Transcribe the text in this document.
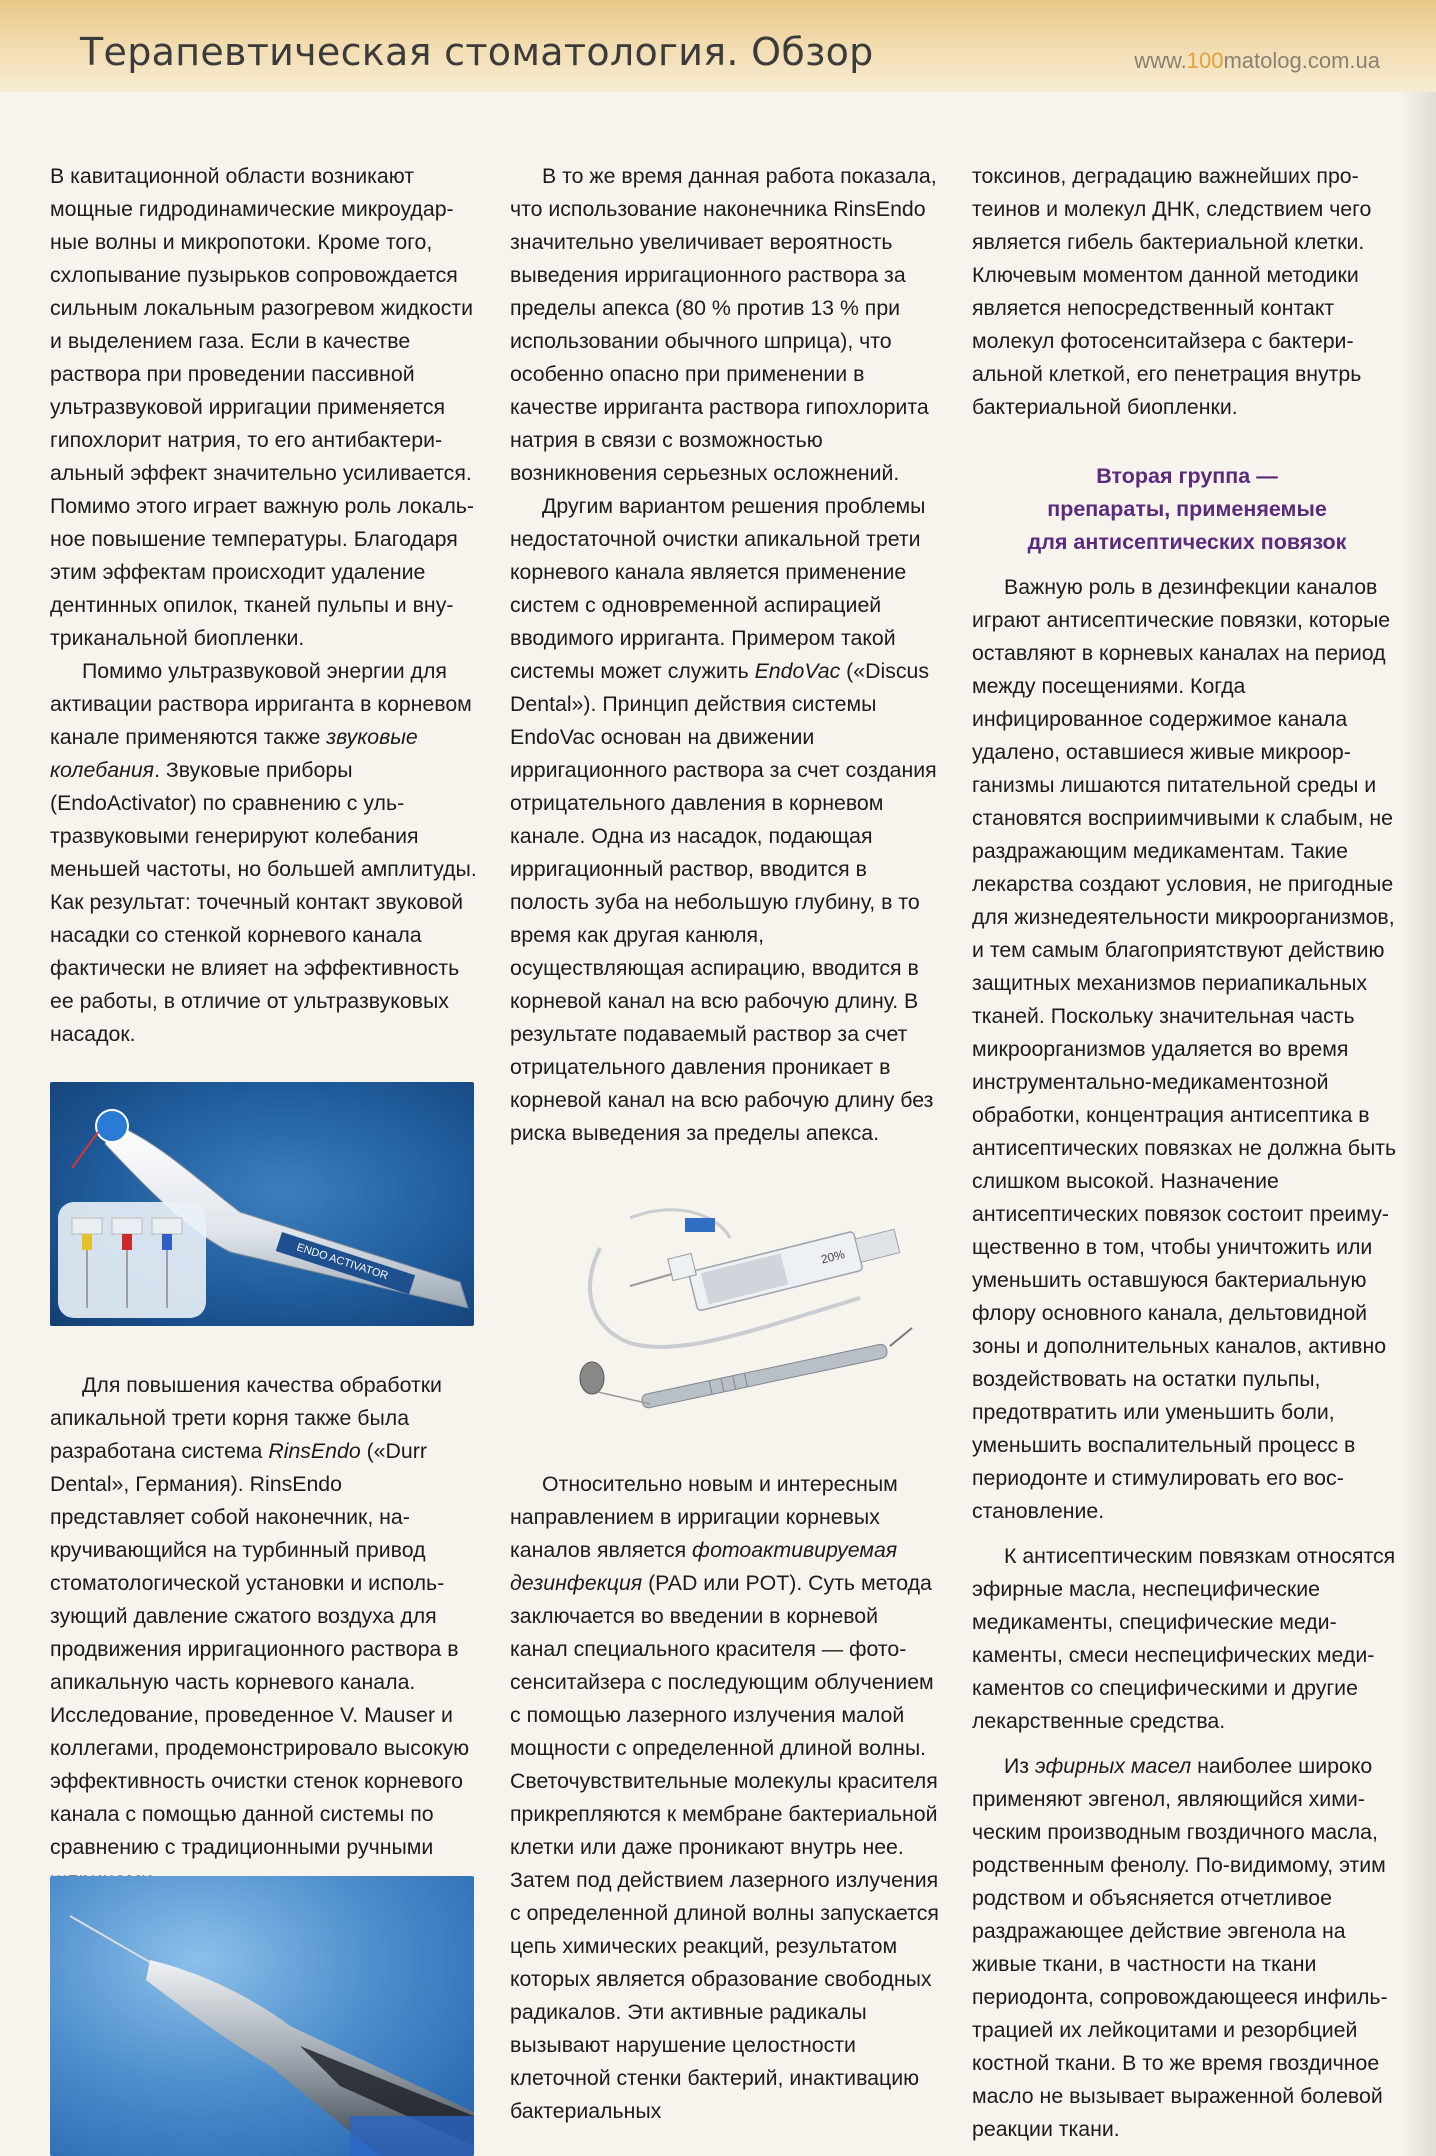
Терапевтическая стоматология. Обзор	www.100matolog.com.ua

В кавитационной области возникают мощные гидродинамические микроударные волны и микропотоки. Кроме того, схлопывание пузырьков сопровождается сильным локальным разогревом жидкости и выделением газа. Если в качестве раствора при проведении пассивной ультразвуковой ирригации применяется гипохлорит натрия, то его антибактериальный эффект значительно усиливается. Помимо этого играет важную роль локальное повышение температуры. Благодаря этим эффектам происходит удаление дентинных опилок, тканей пульпы и внутриканальной биопленки.

Помимо ультразвуковой энергии для активации раствора ирриганта в корневом канале применяются также звуковые колебания. Звуковые приборы (EndoActivator) по сравнению с ультразвуковыми генерируют колебания меньшей частоты, но большей амплитуды. Как результат: точечный контакт звуковой насадки со стенкой корневого канала фактически не влияет на эффективность ее работы, в отличие от ультразвуковых насадок.

Для повышения качества обработки апикальной трети корня также была разработана система RinsEndo («Durr Dental», Германия). RinsEndo представляет собой наконечник, накручивающийся на турбинный привод стоматологической установки и использующий давление сжатого воздуха для продвижения ирригационного раствора в апикальную часть корневого канала. Исследование, проведенное V. Mauser и коллегами, продемонстрировало высокую эффективность очистки стенок корневого канала с помощью данной системы по сравнению с традиционными ручными

ENDO ACTIVATOR

В то же время данная работа показала, что использование наконечника RinsEndo значительно увеличивает вероятность выведения ирригационного раствора за пределы апекса (80 % против 13 % при использовании обычного шприца), что особенно опасно при применении в качестве ирриганта раствора гипохлорита натрия в связи с возможностью возникновения серьезных осложнений.

Другим вариантом решения проблемы недостаточной очистки апикальной трети корневого канала является применение систем с одновременной аспирацией вводимого ирриганта. Примером такой системы может служить EndoVac («Discus Dental»). Принцип действия системы EndoVac основан на движении ирригационного раствора за счет создания отрицательного давления в корневом канале. Одна из насадок, подающая ирригационный раствор, вводится в полость зуба на небольшую глубину, в то время как другая канюля, осуществляющая аспирацию, вводится в корневой канал на всю рабочую длину. В результате подаваемый раствор за счет отрицательного давления проникает в корневой канал на всю рабочую длину без риска выведения за пределы апекса.

Относительно новым и интересным направлением в ирригации корневых каналов является фотоактивируемая дезинфекция (PAD или POT). Суть метода заключается во введении в корневой канал специального красителя — фотосенситайзера с последующим облучением с помощью лазерного излучения малой мощности с определенной длиной волны. Светочувствительные молекулы красителя прикрепляются к мембране бактериальной клетки или даже проникают внутрь нее. Затем под действием лазерного излучения с определенной длиной волны запускается цепь химических реакций, результатом которых является образование свободных радикалов. Эти активные радикалы вызывают нарушение целостности клеточной стенки бактерий, инактивацию бактериальных

20%

токсинов, деградацию важнейших протеинов и молекул ДНК, следствием чего является гибель бактериальной клетки. Ключевым моментом данной методики является непосредственный контакт молекул фотосенситайзера с бактериальной клеткой, его пенетрация внутрь бактериальной биопленки.

Вторая группа —
препараты, применяемые
для антисептических повязок

Важную роль в дезинфекции каналов играют антисептические повязки, которые оставляют в корневых каналах на период между посещениями. Когда инфицированное содержимое канала удалено, оставшиеся живые микроорганизмы лишаются питательной среды и становятся восприимчивыми к слабым, не раздражающим медикаментам. Такие лекарства создают условия, не пригодные для жизнедеятельности микроорганизмов, и тем самым благоприятствуют действию защитных механизмов периапикальных тканей. Поскольку значительная часть микроорганизмов удаляется во время инструментально-медикаментозной обработки, концентрация антисептика в антисептических повязках не должна быть слишком высокой. Назначение антисептических повязок состоит преимущественно в том, чтобы уничтожить или уменьшить оставшуюся бактериальную флору основного канала, дельтовидной зоны и дополнительных каналов, активно воздействовать на остатки пульпы, предотвратить или уменьшить боли, уменьшить воспалительный процесс в периодонте и стимулировать его восстановление.

К антисептическим повязкам относятся эфирные масла, неспецифические медикаменты, специфические медикаменты, смеси неспецифических медикаментов со специфическими и другие лекарственные средства.

Из эфирных масел наиболее широко применяют эвгенол, являющийся химическим производным гвоздичного масла, родственным фенолу. По-видимому, этим родством и объясняется отчетливое раздражающее действие эвгенола на живые ткани, в частности на ткани периодонта, сопровождающееся инфильтрацией их лейкоцитами и резорбцией костной ткани. В то же время гвоздичное масло не вызывает выраженной болевой реакции ткани.
